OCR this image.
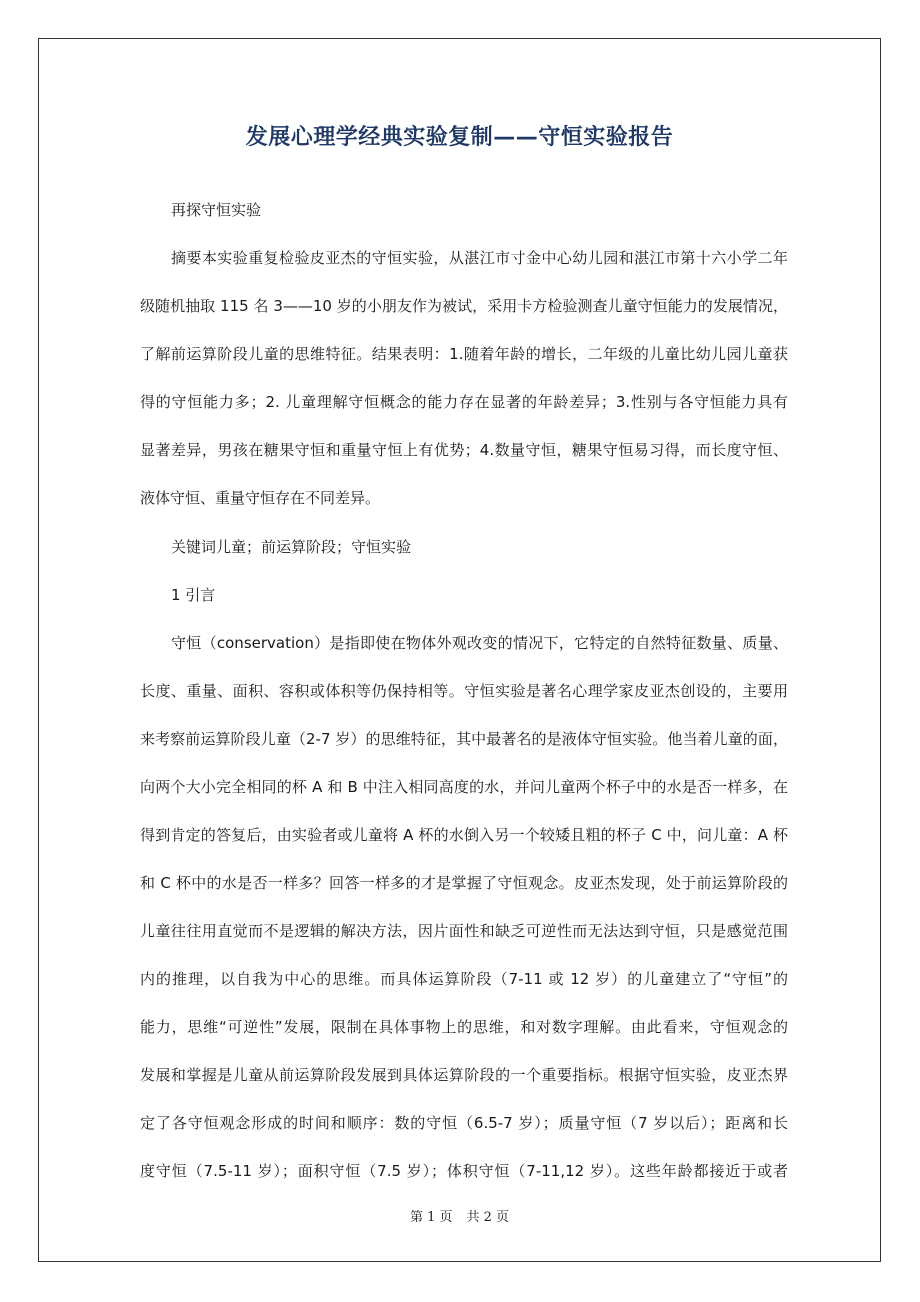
发展心理学经典实验复制——守恒实验报告

再探守恒实验

摘要本实验重复检验皮亚杰的守恒实验，从湛江市寸金中心幼儿园和湛江市第十六小学二年

级随机抽取 115 名 3——10 岁的小朋友作为被试，采用卡方检验测查儿童守恒能力的发展情况，

了解前运算阶段儿童的思维特征。结果表明：1.随着年龄的增长，二年级的儿童比幼儿园儿童获

得的守恒能力多；2. 儿童理解守恒概念的能力存在显著的年龄差异；3.性别与各守恒能力具有

显著差异，男孩在糖果守恒和重量守恒上有优势；4.数量守恒，糖果守恒易习得，而长度守恒、

液体守恒、重量守恒存在不同差异。

关键词儿童；前运算阶段；守恒实验

1 引言

守恒（conservation）是指即使在物体外观改变的情况下，它特定的自然特征数量、质量、

长度、重量、面积、容积或体积等仍保持相等。守恒实验是著名心理学家皮亚杰创设的，主要用

来考察前运算阶段儿童（2-7 岁）的思维特征，其中最著名的是液体守恒实验。他当着儿童的面，

向两个大小完全相同的杯 A 和 B 中注入相同高度的水，并问儿童两个杯子中的水是否一样多，在

得到肯定的答复后，由实验者或儿童将 A 杯的水倒入另一个较矮且粗的杯子 C 中，问儿童：A 杯

和 C 杯中的水是否一样多？回答一样多的才是掌握了守恒观念。皮亚杰发现，处于前运算阶段的

儿童往往用直觉而不是逻辑的解决方法，因片面性和缺乏可逆性而无法达到守恒，只是感觉范围

内的推理，以自我为中心的思维。而具体运算阶段（7-11 或 12 岁）的儿童建立了“守恒”的

能力，思维“可逆性”发展，限制在具体事物上的思维，和对数字理解。由此看来，守恒观念的

发展和掌握是儿童从前运算阶段发展到具体运算阶段的一个重要指标。根据守恒实验，皮亚杰界

定了各守恒观念形成的时间和顺序：数的守恒（6.5-7 岁）；质量守恒（7 岁以后）；距离和长

度守恒（7.5-11 岁）；面积守恒（7.5 岁）；体积守恒（7-11,12 岁）。这些年龄都接近于或者

第 1 页 共 2 页
